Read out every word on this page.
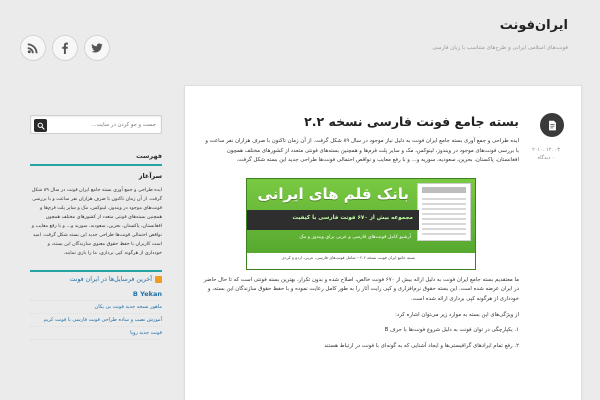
ایران‌فونت
فونت‌های اسلامی ایرانی و طرح‌های متناسب با زبان فارسی
۰۳ .۱۲ .۲۰۱۰
۰ دیدگاه
بسته جامع فونت فارسی نسخه ۲.۲
ایده طراحی و جمع آوری بسته جامع ایران فونت به دلیل نیاز موجود در سال ۸۹ شکل گرفت. از آن زمان تاکنون با صرف هزاران نفر ساعت و با بررسی فونت‌های موجود در ویندوز، لینوکس، مک و سایر پلت فرم‌ها و همچنین بسته‌های فونتی متعدد از کشورهای مختلف همچون افغانستان، پاکستان، بحرین، سعودیه، سوریه و... و با رفع معایب و نواقص احتمالی فونت‌ها طراحی جدید این بسته شکل گرفت.
بانک قلم های ایرانی
مجموعه بیش از ۶۷۰ فونت فارسی با کیفیت
آرشیو کامل فونت‌های فارسی و عربی برای ویندوز و مک
بسته جامع ایران فونت نسخه ۲.۲ – شامل فونت‌های فارسی، عربی، اردو و کردی
ما معتقدیم بسته جامع ایران فونت به دلیل ارائه بیش از ۶۷۰ فونت خالص، اصلاح شده و بدون تکرار، بهترین بسته فونتی است که تا حال حاضر در ایران عرضه شده است. این بسته حقوق نرم‌افزاری و کپی رایت آثار را به طور کامل رعایت نموده و با حفظ حقوق سازندگان این بسته، و خودداری از هرگونه کپی برداری ارائه شده است.
از ویژگی‌های این بسته به موارد زیر می‌توان اشاره کرد:
۱. یکپارچگی در توان فونت به دلیل شروع فونت‌ها با حرف B
۲. رفع تمام ایرادهای گرافیستی‌ها و ایجاد آشنایی که به گونه‌ای با فونت در ارتباط هستند
جست و جو کردن در سایت...
فهرست
سرآغاز
ایده طراحی و جمع آوری بسته جامع ایران فونت در سال ۸۹ شکل گرفت. از آن زمان تاکنون با صرف هزاران نفر ساعت و با بررسی فونت‌های موجود در ویندوز، لینوکس، مک و سایر پلت فرم‌ها و همچنین بسته‌های فونتی متعدد از کشورهای مختلف همچون افغانستان، پاکستان، بحرین، سعودیه، سوریه و... و با رفع معایب و نواقص احتمالی فونت‌ها طراحی جدید این بسته شکل گرفت. امید است کاربران با حفظ حقوق معنوی سازندگان این بسته، و خودداری از هرگونه کپی برداری، ما را یاری نمایند.
آخرین فرسایل‌ها در ایران فونت
B Yekan
ماهور نسخه جدید فونت بی یکان
آموزش نصب و ساده طراحی فونت فارسی با فونت کریم
فونت جدید رویا
